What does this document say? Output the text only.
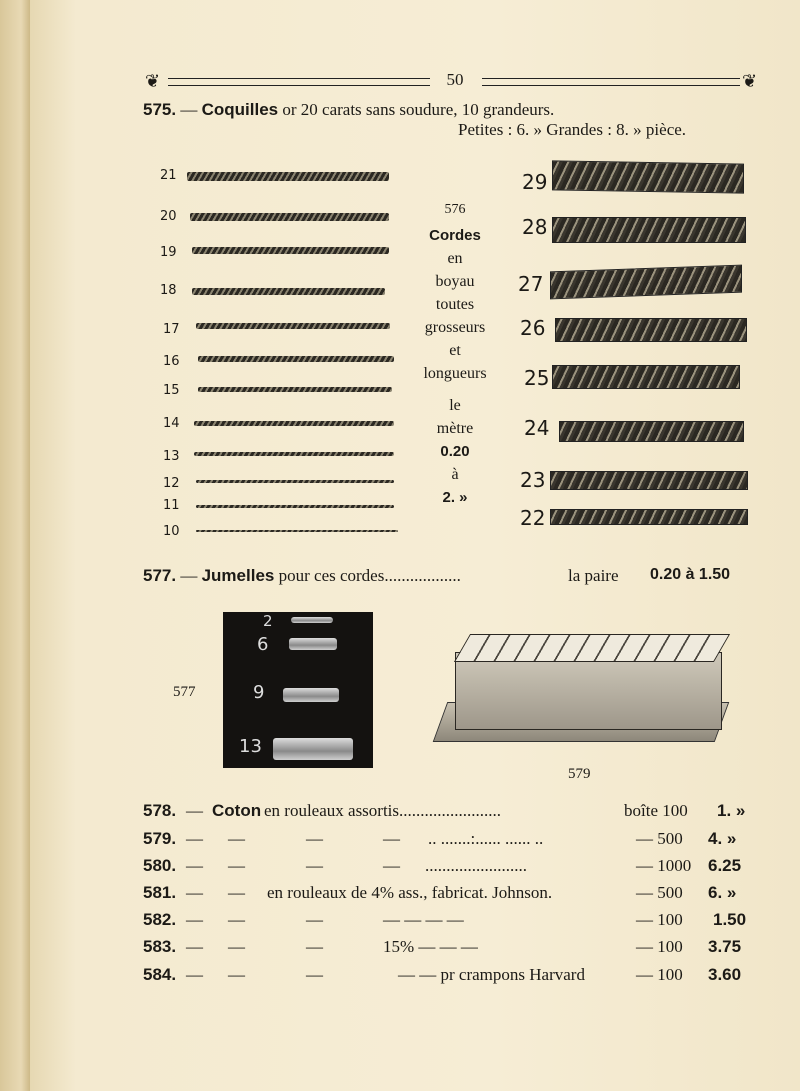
❦	50	❦
575. — Coquilles or 20 carats sans soudure, 10 grandeurs.
Petites : 6. » Grandes : 8. » pièce.
21
20
19
18
17
16
15
14
13
12
11
10
576
Cordes
en
boyau
toutes
grosseurs
et
longueurs
le
mètre
0.20
à
2. »
29
28
27
26
25
24
23
22
577. — Jumelles pour ces cordes..................	la paire 0.20 à 1.50
577
2
6
9
13
579
578. — Coton en rouleaux assortis........................	boîte 100 1. »
579. — —	—	— .. .......:...... ...... ..	— 500 4. »
580. — —	—	— ........................	— 1000 6.25
581. — — en rouleaux de 4% ass., fabricat. Johnson.	— 500 6. »
582. — —	—	— — — —	— 100 1.50
583. — —	—	15% — — —	— 100 3.75
584. — —	—	— — pr crampons Harvard	— 100 3.60
